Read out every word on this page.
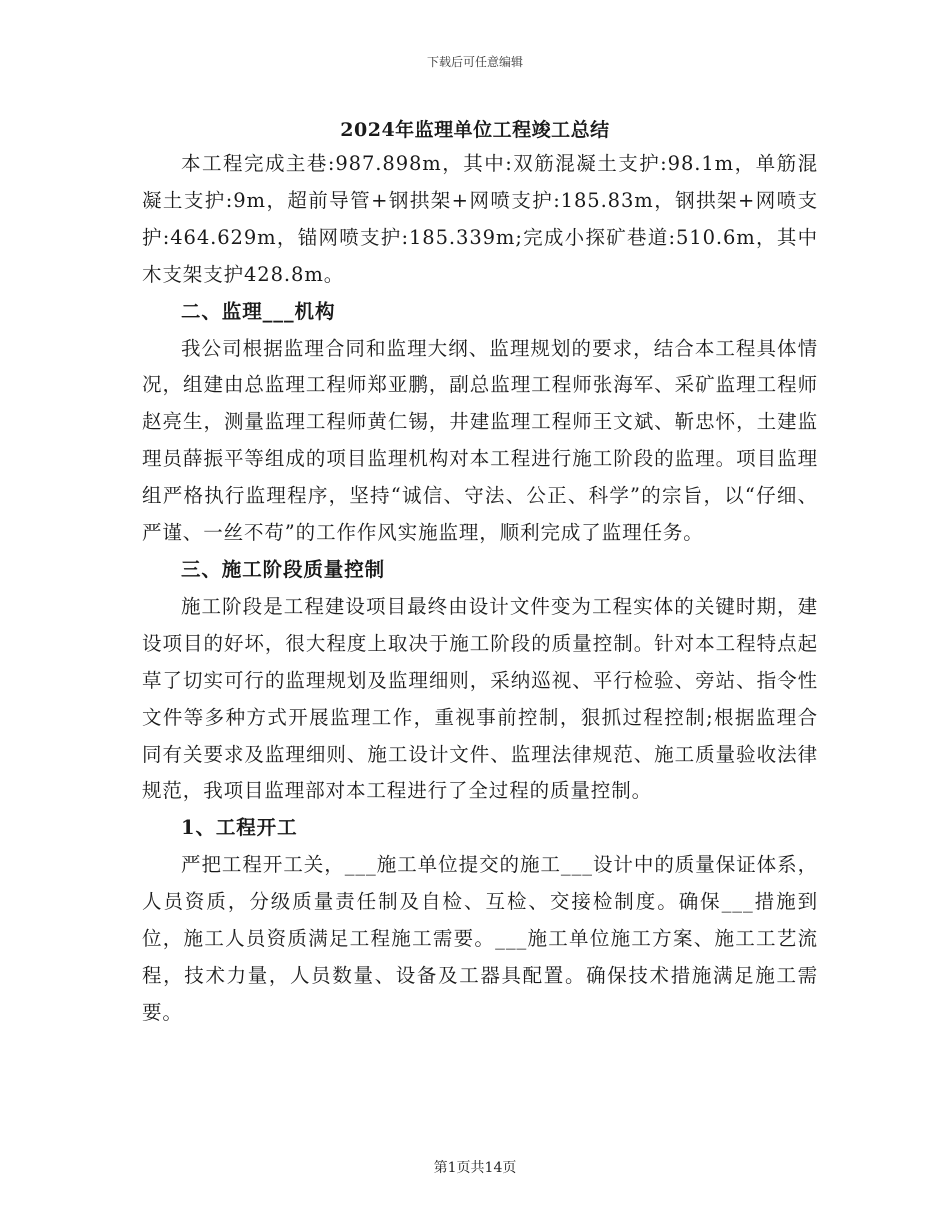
下载后可任意编辑
2024年监理单位工程竣工总结

本工程完成主巷:987.898m，其中:双筋混凝土支护:98.1m，单筋混凝土支护:9m，超前导管+钢拱架+网喷支护:185.83m，钢拱架+网喷支护:464.629m，锚网喷支护:185.339m;完成小探矿巷道:510.6m，其中木支架支护428.8m。

二、监理___机构

我公司根据监理合同和监理大纲、监理规划的要求，结合本工程具体情况，组建由总监理工程师郑亚鹏，副总监理工程师张海军、采矿监理工程师赵亮生，测量监理工程师黄仁锡，井建监理工程师王文斌、靳忠怀，土建监理员薛振平等组成的项目监理机构对本工程进行施工阶段的监理。项目监理组严格执行监理程序，坚持“诚信、守法、公正、科学”的宗旨，以“仔细、严谨、一丝不苟”的工作作风实施监理，顺利完成了监理任务。

三、施工阶段质量控制

施工阶段是工程建设项目最终由设计文件变为工程实体的关键时期，建设项目的好坏，很大程度上取决于施工阶段的质量控制。针对本工程特点起草了切实可行的监理规划及监理细则，采纳巡视、平行检验、旁站、指令性文件等多种方式开展监理工作，重视事前控制，狠抓过程控制;根据监理合同有关要求及监理细则、施工设计文件、监理法律规范、施工质量验收法律规范，我项目监理部对本工程进行了全过程的质量控制。

1、工程开工

严把工程开工关，___施工单位提交的施工___设计中的质量保证体系，人员资质，分级质量责任制及自检、互检、交接检制度。确保___措施到位，施工人员资质满足工程施工需要。___施工单位施工方案、施工工艺流程，技术力量，人员数量、设备及工器具配置。确保技术措施满足施工需要。

第1页共14页
